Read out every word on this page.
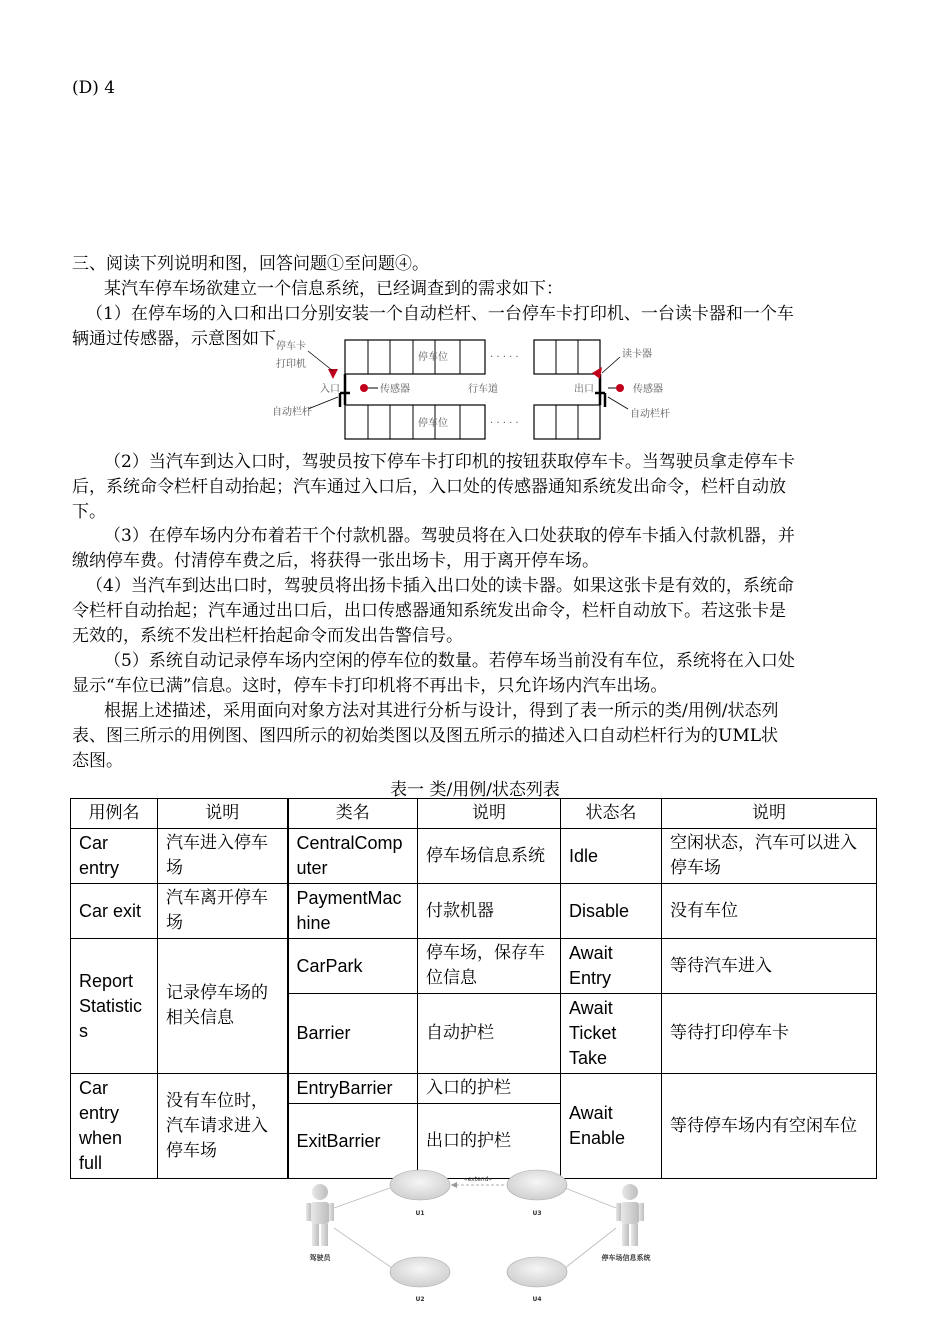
(D) 4
三、阅读下列说明和图，回答问题①至问题④。
某汽车停车场欲建立一个信息系统，已经调查到的需求如下：
（1）在停车场的入口和出口分别安装一个自动栏杆、一台停车卡打印机、一台读卡器和一个车
辆通过传感器，示意图如下 停车卡
打印机
入口	传感器
自动栏杆
停车位
停车位
· · · · ·
· · · · ·
行车道	出口
读卡器
传感器
自动栏杆
（2）当汽车到达入口时，驾驶员按下停车卡打印机的按钮获取停车卡。当驾驶员拿走停车卡
后，系统命令栏杆自动抬起；汽车通过入口后，入口处的传感器通知系统发出命令，栏杆自动放
下。
（3）在停车场内分布着若干个付款机器。驾驶员将在入口处获取的停车卡插入付款机器，并
缴纳停车费。付清停车费之后，将获得一张出场卡，用于离开停车场。
（4）当汽车到达出口时，驾驶员将出扬卡插入出口处的读卡器。如果这张卡是有效的，系统命
令栏杆自动抬起；汽车通过出口后，出口传感器通知系统发出命令，栏杆自动放下。若这张卡是
无效的，系统不发出栏杆抬起命令而发出告警信号。
（5）系统自动记录停车场内空闲的停车位的数量。若停车场当前没有车位，系统将在入口处
显示“车位已满”信息。这时，停车卡打印机将不再出卡，只允许场内汽车出场。
根据上述描述，采用面向对象方法对其进行分析与设计，得到了表一所示的类/用例/状态列
表、图三所示的用例图、图四所示的初始类图以及图五所示的描述入口自动栏杆行为的UML状
态图。
表一 类/用例/状态列表
用例名	说明	类名	说明	状态名	说明
Car entry	汽车进入停车场	CentralComputer	停车场信息系统	Idle	空闲状态，汽车可以进入停车场
Car exit	汽车离开停车场	PaymentMachine	付款机器	Disable	没有车位
Report Statistics	记录停车场的相关信息	CarPark	停车场，保存车位信息	Await Entry	等待汽车进入
		Barrier	自动护栏	Await Ticket Take	等待打印停车卡
Car entry when full	没有车位时，汽车请求进入停车场	EntryBarrier	入口的护栏	Await Enable	等待停车场内有空闲车位
		ExitBarrier	出口的护栏		
«extend»
U1	U3
U2	U4
驾驶员	停车场信息系统
